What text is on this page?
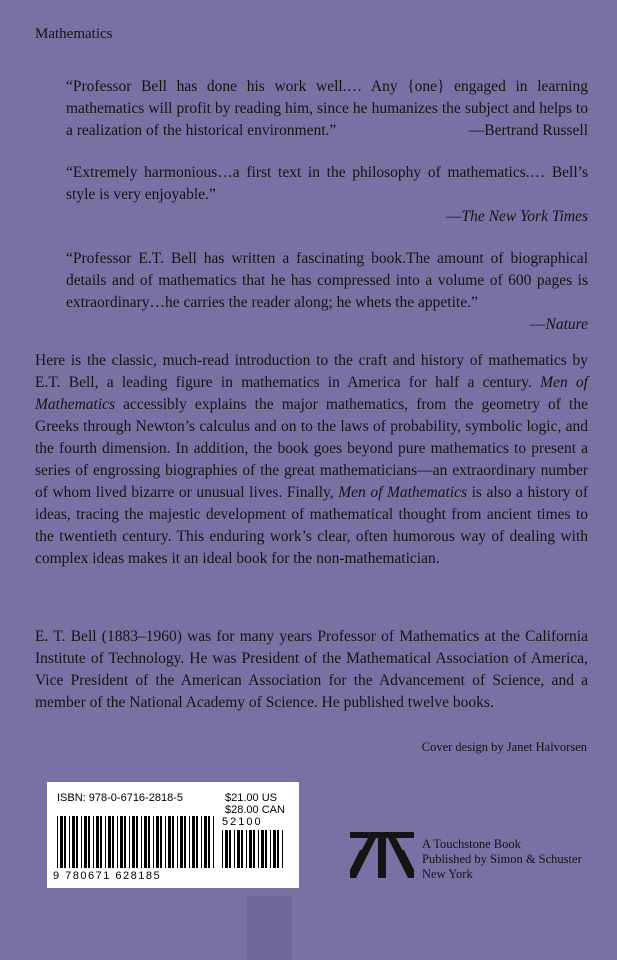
Mathematics
“Professor Bell has done his work well.… Any {one} engaged in learning mathematics will profit by reading him, since he humanizes the subject and helps to a realization of the historical environment.”	—Bertrand Russell
“Extremely harmonious…a first text in the philosophy of mathematics.… Bell’s style is very enjoyable.”
—The New York Times
“Professor E.T. Bell has written a fascinating book.The amount of biographical details and of mathematics that he has compressed into a volume of 600 pages is extraordinary…he carries the reader along; he whets the appetite.”
—Nature
Here is the classic, much-read introduction to the craft and history of mathematics by E.T. Bell, a leading figure in mathematics in America for half a century. Men of Mathematics accessibly explains the major mathematics, from the geometry of the Greeks through Newton’s calculus and on to the laws of probability, symbolic logic, and the fourth dimension. In addition, the book goes beyond pure mathematics to present a series of engrossing biographies of the great mathematicians—an extraordinary number of whom lived bizarre or unusual lives. Finally, Men of Mathematics is also a history of ideas, tracing the majestic development of mathematical thought from ancient times to the twentieth century. This enduring work’s clear, often humorous way of dealing with complex ideas makes it an ideal book for the non-mathematician.
E. T. Bell (1883–1960) was for many years Professor of Mathematics at the California Institute of Technology. He was President of the Mathematical Association of America, Vice President of the American Association for the Advancement of Science, and a member of the National Academy of Science. He published twelve books.
Cover design by Janet Halvorsen
ISBN: 978-0-6716-2818-5	$21.00 US
$28.00 CAN
52100
9 780671 628185
A Touchstone Book
Published by Simon & Schuster
New York
